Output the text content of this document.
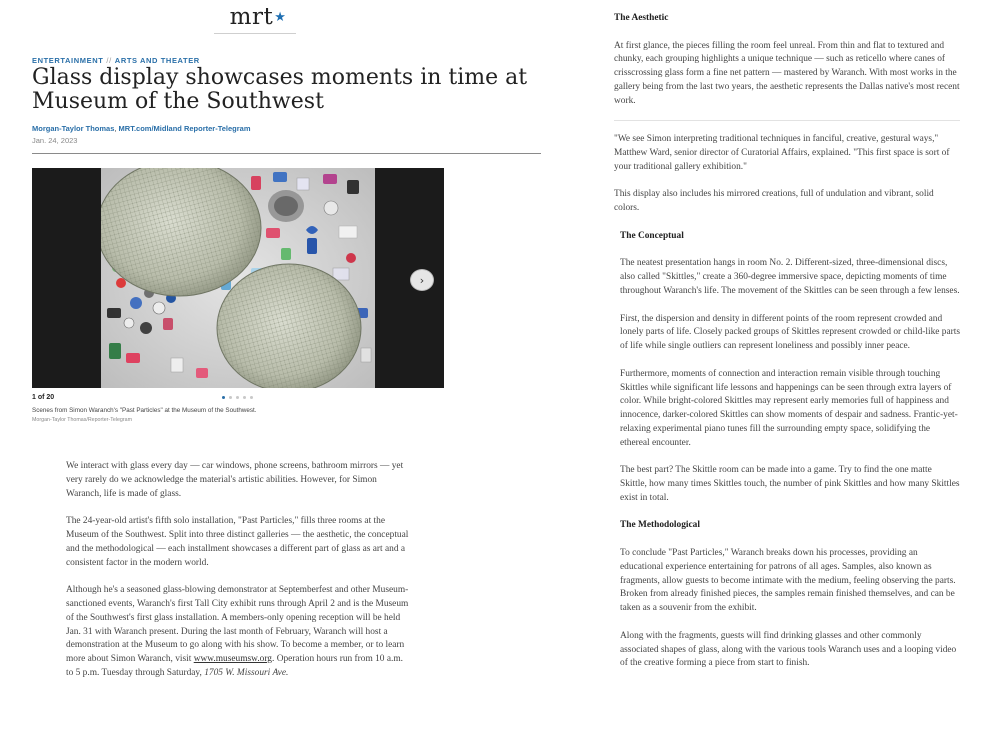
mrt★
ENTERTAINMENT // ARTS AND THEATER
Glass display showcases moments in time at Museum of the Southwest
Morgan-Taylor Thomas, MRT.com/Midland Reporter-Telegram
Jan. 24, 2023
›
1 of 20
Scenes from Simon Waranch's "Past Particles" at the Museum of the Southwest.
Morgan-Taylor Thomas/Reporter-Telegram

We interact with glass every day — car windows, phone screens, bathroom mirrors — yet very rarely do we acknowledge the material's artistic abilities. However, for Simon Waranch, life is made of glass.

The 24-year-old artist's fifth solo installation, "Past Particles," fills three rooms at the Museum of the Southwest. Split into three distinct galleries — the aesthetic, the conceptual and the methodological — each installment showcases a different part of glass as art and a consistent factor in the modern world.

Although he's a seasoned glass-blowing demonstrator at Septemberfest and other Museum-sanctioned events, Waranch's first Tall City exhibit runs through April 2 and is the Museum of the Southwest's first glass installation. A members-only opening reception will be held Jan. 31 with Waranch present. During the last month of February, Waranch will host a demonstration at the Museum to go along with his show. To become a member, or to learn more about Simon Waranch, visit www.museumsw.org. Operation hours run from 10 a.m. to 5 p.m. Tuesday through Saturday, 1705 W. Missouri Ave.

The Aesthetic

At first glance, the pieces filling the room feel unreal. From thin and flat to textured and chunky, each grouping highlights a unique technique — such as reticello where canes of crisscrossing glass form a fine net pattern — mastered by Waranch. With most works in the gallery being from the last two years, the aesthetic represents the Dallas native's most recent work.

"We see Simon interpreting traditional techniques in fanciful, creative, gestural ways," Matthew Ward, senior director of Curatorial Affairs, explained. "This first space is sort of your traditional gallery exhibition."

This display also includes his mirrored creations, full of undulation and vibrant, solid colors.

The Conceptual

The neatest presentation hangs in room No. 2. Different-sized, three-dimensional discs, also called "Skittles," create a 360-degree immersive space, depicting moments of time throughout Waranch's life. The movement of the Skittles can be seen through a few lenses.

First, the dispersion and density in different points of the room represent crowded and lonely parts of life. Closely packed groups of Skittles represent crowded or child-like parts of life while single outliers can represent loneliness and possibly inner peace.

Furthermore, moments of connection and interaction remain visible through touching Skittles while significant life lessons and happenings can be seen through extra layers of color. While bright-colored Skittles may represent early memories full of happiness and innocence, darker-colored Skittles can show moments of despair and sadness. Frantic-yet-relaxing experimental piano tunes fill the surrounding empty space, solidifying the ethereal encounter.

The best part? The Skittle room can be made into a game. Try to find the one matte Skittle, how many times Skittles touch, the number of pink Skittles and how many Skittles exist in total.

The Methodological

To conclude "Past Particles," Waranch breaks down his processes, providing an educational experience entertaining for patrons of all ages. Samples, also known as fragments, allow guests to become intimate with the medium, feeling observing the parts. Broken from already finished pieces, the samples remain finished themselves, and can be taken as a souvenir from the exhibit.

Along with the fragments, guests will find drinking glasses and other commonly associated shapes of glass, along with the various tools Waranch uses and a looping video of the creative forming a piece from start to finish.
